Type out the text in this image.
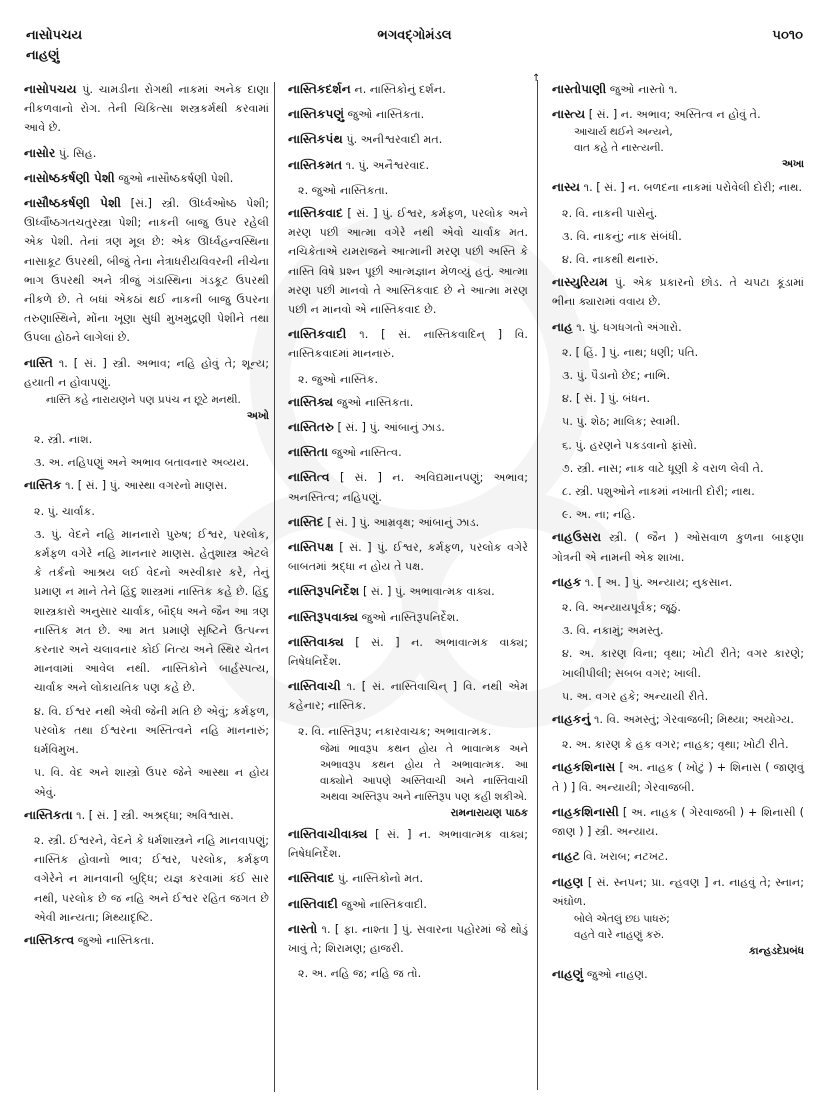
નાસોપચય	ભગવદ્ગોમંડલ	૫૦૧૦
નાહણું
↑
નાસોપચય પું. ચામડીના રોગથી નાકમાં અનેક દાણા નીકળવાનો રોગ. તેની ચિકિત્સા શસ્ત્રકર્મથી કરવામાં આવે છે.
નાસોર પું. સિહ.
નાસોષ્ઠકર્ષણી પેશી જુઓ નાસૌષ્ઠકર્ષણી પેશી.
નાસૌષ્ઠકર્ષણી પેશી [સં.] સ્ત્રી. ઊર્ધ્વઓષ્ઠ પેશી; ઊર્ધ્વૌષ્ઠગતચતુરસ્ત્રા પેશી; નાકની બાજુ ઉપર રહેલી એક પેશી. તેનાં ત્રણ મૂલ છે: એક ઊર્ધ્વહન્વસ્થિના નાસાકૂટ ઉપરથી, બીજું તેના નેત્રાધરીયવિવરની નીચેના ભાગ ઉપરથી અને ત્રીજું ગંડાસ્થિના ગંડકૂટ ઉપરથી નીકળે છે. તે બધાં એકઠાં થઈ નાકની બાજુ ઉપરના તરુણાસ્થિને, મોંના ખૂણા સુધી મુખમુદ્રણી પેશીને તથા ઉપલા હોઠને લાગેલાં છે.
નાસ્તિ ૧. [ સં. ] સ્ત્રી. અભાવ; નહિ હોવું તે; શૂન્ય; હયાતી ન હોવાપણું.
નાસ્તિ કહે નારાયણને પણ પ્રપંચ ન છૂટે મનથી.
અખો
૨. સ્ત્રી. નાશ.
૩. અ. નહિપણું અને અભાવ બતાવનાર અવ્યય.
નાસ્તિક ૧. [ સં. ] પું. આસ્થા વગરનો માણસ.
૨. પું. ચાર્વાક.
૩. પું. વેદને નહિ માનનારો પુરુષ; ઈશ્વર, પરલોક, કર્મફળ વગેરે નહિ માનનાર માણસ. હેતુશાસ્ત્ર એટલે કે તર્કનો આશ્રય લઈ વેદનો અસ્વીકાર કરે, તેનું પ્રમાણ ન માને તેને હિંદુ શાસ્ત્રમાં નાસ્તિક કહે છે. હિંદુ શાસ્ત્રકારો અનુસાર ચાર્વાક, બૌદ્ધ અને જૈન આ ત્રણ નાસ્તિક મત છે. આ મત પ્રમાણે સૃષ્ટિને ઉત્પન્ન કરનાર અને ચલાવનાર કોઈ નિત્ય અને સ્થિર ચેતન માનવામાં આવેલ નથી. નાસ્તિકોને બાર્હસ્પત્ય, ચાર્વાક અને લોકાયતિક પણ કહે છે.
૪. વિ. ઈશ્વર નથી એવી જેની મતિ છે એવું; કર્મફળ, પરલોક તથા ઈશ્વરના અસ્તિત્વને નહિ માનનારું; ધર્મવિમુખ.
૫. વિ. વેદ અને શાસ્ત્રો ઉપર જેને આસ્થા ન હોય એવું.
નાસ્તિકતા ૧. [ સં. ] સ્ત્રી. અશ્રદ્ધા; અવિશ્વાસ.
૨. સ્ત્રી. ઈશ્વરને, વેદને કે ધર્મશાસ્ત્રને નહિ માનવાપણું; નાસ્તિક હોવાનો ભાવ; ઈશ્વર, પરલોક, કર્મફળ વગેરેને ન માનવાની બુદ્ધિ; યજ્ઞ કરવામાં કંઈ સાર નથી, પરલોક છે જ નહિ અને ઈશ્વર રહિત જગત છે એવી માન્યતા; મિથ્યાદૃષ્ટિ.
નાસ્તિકત્વ જુઓ નાસ્તિકતા.
નાસ્તિકદર્શન ન. નાસ્તિકોનું દર્શન.
નાસ્તિકપણું જુઓ નાસ્તિકતા.
નાસ્તિકપંથ પું. અનીશ્વરવાદી મત.
નાસ્તિકમત ૧. પું. અનૈશ્વરવાદ.
૨. જુઓ નાસ્તિકતા.
નાસ્તિકવાદ [ સં. ] પું. ઈશ્વર, કર્મફળ, પરલોક અને મરણ પછી આત્મા વગેરે નથી એવો ચાર્વાક મત. નચિકેતાએ યમરાજને આત્માની મરણ પછી અસ્તિ કે નાસ્તિ વિષે પ્રશ્ન પૂછી આત્મજ્ઞાન મેળવ્યું હતું. આત્મા મરણ પછી માનવો તે આસ્તિકવાદ છે ને આત્મા મરણ પછી ન માનવો એ નાસ્તિકવાદ છે.
નાસ્તિકવાદી ૧. [ સં. નાસ્તિકવાદિન્ ] વિ. નાસ્તિકવાદમાં માનનારું.
૨. જુઓ નાસ્તિક.
નાસ્તિક્ય જુઓ નાસ્તિકતા.
નાસ્તિતરુ [ સં. ] પું. આંબાનું ઝાડ.
નાસ્તિતા જુઓ નાસ્તિત્વ.
નાસ્તિત્વ [ સં. ] ન. અવિદ્યમાનપણું; અભાવ; અનસ્તિત્વ; નહિપણું.
નાસ્તિદ [ સં. ] પું. આમ્રવૃક્ષ; આંબાનું ઝાડ.
નાસ્તિપક્ષ [ સં. ] પું. ઈશ્વર, કર્મફળ, પરલોક વગેરે બાબતમાં શ્રદ્ધા ન હોય તે પક્ષ.
નાસ્તિરૂપનિર્દેશ [ સં. ] પું. અભાવાત્મક વાક્ય.
નાસ્તિરૂપવાક્ય જુઓ નાસ્તિરૂપનિર્દેશ.
નાસ્તિવાક્ય [ સં. ] ન. અભાવાત્મક વાક્ય; નિષેધનિર્દેશ.
નાસ્તિવાચી ૧. [ સં. નાસ્તિવાચિન્ ] વિ. નથી એમ કહેનાર; નાસ્તિક.
૨. વિ. નાસ્તિરૂપ; નકારવાચક; અભાવાત્મક.
જેમાં ભાવરૂપ કથન હોય તે ભાવાત્મક અને અભાવરૂપ કથન હોય તે અભાવાત્મક. આ વાક્યોને આપણે અસ્તિવાચી અને નાસ્તિવાચી અથવા અસ્તિરૂપ અને નાસ્તિરૂપ પણ કહી શકીએ.
રામનારાયણ પાઠક
નાસ્તિવાચીવાક્ય [ સં. ] ન. અભાવાત્મક વાક્ય; નિષેધનિર્દેશ.
નાસ્તિવાદ પું. નાસ્તિકોનો મત.
નાસ્તિવાદી જુઓ નાસ્તિકવાદી.
નાસ્તો ૧. [ ફા. નાશ્તા ] પું. સવારના પહોરમાં જે થોડું ખાવું તે; શિરામણ; હાજરી.
૨. અ. નહિ જ; નહિ જ તો.
નાસ્તોપાણી જુઓ નાસ્તો ૧.
નાસ્ત્ય [ સં. ] ન. અભાવ; અસ્તિત્વ ન હોવું તે.
આચાર્ય થઈને અન્યને,
વાત કહે તે નાસ્ત્યની.
અખા
નાસ્ય ૧. [ સં. ] ન. બળદના નાકમાં પરોવેલી દોરી; નાથ.
૨. વિ. નાકની પાસેનું.
૩. વિ. નાકનું; નાક સંબંધી.
૪. વિ. નાકથી થનારું.
નાસ્યુરિયમ પું. એક પ્રકારનો છોડ. તે ચપટા કૂંડામાં ભીના ક્યારામાં વવાય છે.
નાહ ૧. પું. ધગધગતો અંગારો.
૨. [ હિં. ] પું. નાથ; ધણી; પતિ.
૩. પું. પૈડાનો છેદ; નાભિ.
૪. [ સં. ] પું. બંધન.
૫. પું. શેઠ; માલિક; સ્વામી.
૬. પું. હરણને પકડવાનો ફાંસો.
૭. સ્ત્રી. નાસ; નાક વાટે ધૂણી કે વરાળ લેવી તે.
૮. સ્ત્રી. પશુઓને નાકમાં નખાતી દોરી; નાથ.
૯. અ. ના; નહિ.
નાહઉસરા સ્ત્રી. ( જૈન ) ઓસવાળ કુળના બાફણા ગોત્રની એ નામની એક શાખા.
નાહક ૧. [ અ. ] પું. અન્યાય; નુકસાન.
૨. વિ. અન્યાયપૂર્વક; જૂઠું.
૩. વિ. નકામું; અમસ્તુ.
૪. અ. કારણ વિના; વૃથા; ખોટી રીતે; વગર કારણે; ખાલીપીલી; સબબ વગર; ખાલી.
૫. અ. વગર હકે; અન્યાયી રીતે.
નાહકનું ૧. વિ. અમસ્તું; ગેરવાજબી; મિથ્યા; અયોગ્ય.
૨. અ. કારણ કે હક વગર; નાહક; વૃથા; ખોટી રીતે.
નાહકશિનાસ [ અ. નાહક ( ખોટું ) + શિનાસ ( જાણવું તે ) ] વિ. અન્યાયી; ગેરવાજબી.
નાહકશિનાસી [ અ. નાહક ( ગેરવાજબી ) + શિનાસી ( જાણ ) ] સ્ત્રી. અન્યાય.
નાહટ વિ. ખરાબ; નટખટ.
નાહણ [ સં. સ્નપન; પ્રા. ન્હવણ ] ન. નાહવું તે; સ્નાન; અંઘોળ.
બોલે એતલું છઇ પાધરું;
વહતે વારે નાહણું કરું.
કાન્હડદેપ્રબંધ
નાહણું જુઓ નાહણ.
